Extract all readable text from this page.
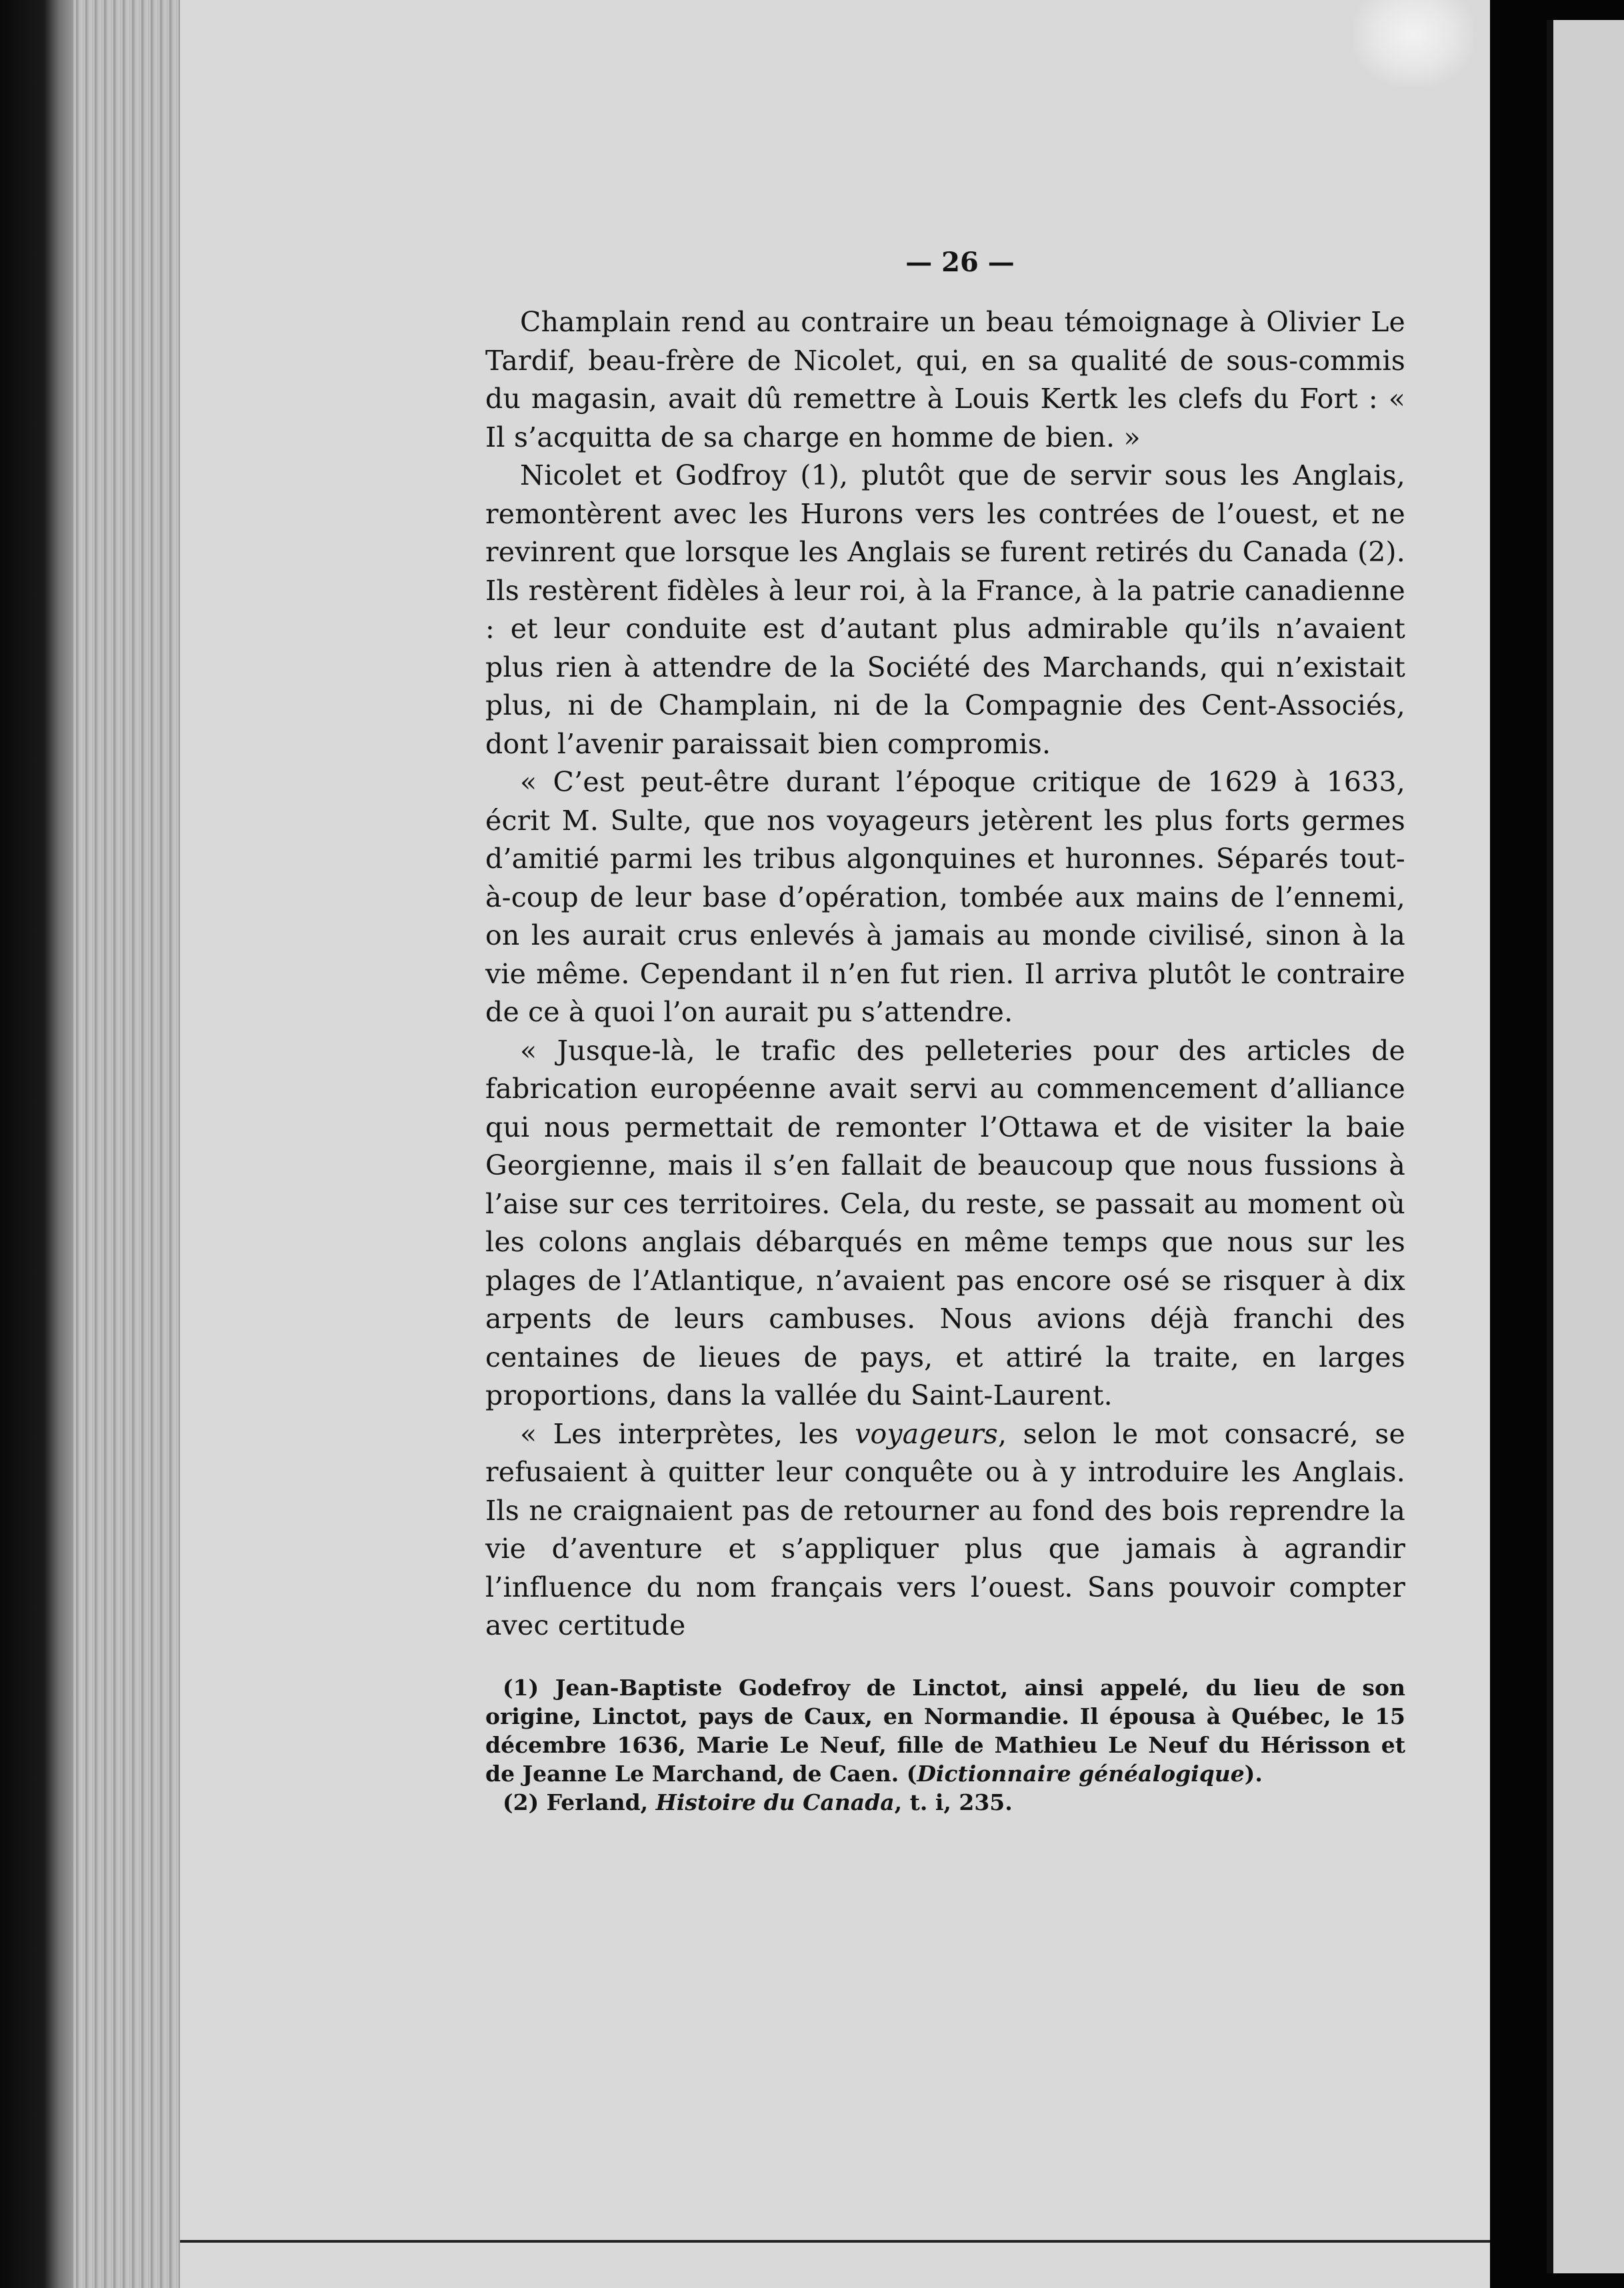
— 26 —

Champlain rend au contraire un beau témoignage à Olivier Le Tardif, beau-frère de Nicolet, qui, en sa qualité de sous-commis du magasin, avait dû remettre à Louis Kertk les clefs du Fort : « Il s’acquitta de sa charge en homme de bien. »

Nicolet et Godfroy (1), plutôt que de servir sous les Anglais, remontèrent avec les Hurons vers les contrées de l’ouest, et ne revinrent que lorsque les Anglais se furent retirés du Canada (2). Ils restèrent fidèles à leur roi, à la France, à la patrie canadienne : et leur conduite est d’autant plus admirable qu’ils n’avaient plus rien à attendre de la Société des Marchands, qui n’existait plus, ni de Champlain, ni de la Compagnie des Cent-Associés, dont l’avenir paraissait bien compromis.

« C’est peut-être durant l’époque critique de 1629 à 1633, écrit M. Sulte, que nos voyageurs jetèrent les plus forts germes d’amitié parmi les tribus algonquines et huronnes. Séparés tout-à-coup de leur base d’opération, tombée aux mains de l’ennemi, on les aurait crus enlevés à jamais au monde civilisé, sinon à la vie même. Cependant il n’en fut rien. Il arriva plutôt le contraire de ce à quoi l’on aurait pu s’attendre.

« Jusque-là, le trafic des pelleteries pour des articles de fabrication européenne avait servi au commencement d’alliance qui nous permettait de remonter l’Ottawa et de visiter la baie Georgienne, mais il s’en fallait de beaucoup que nous fussions à l’aise sur ces territoires. Cela, du reste, se passait au moment où les colons anglais débarqués en même temps que nous sur les plages de l’Atlantique, n’avaient pas encore osé se risquer à dix arpents de leurs cambuses. Nous avions déjà franchi des centaines de lieues de pays, et attiré la traite, en larges proportions, dans la vallée du Saint-Laurent.

« Les interprètes, les voyageurs, selon le mot consacré, se refusaient à quitter leur conquête ou à y introduire les Anglais. Ils ne craignaient pas de retourner au fond des bois reprendre la vie d’aventure et s’appliquer plus que jamais à agrandir l’influence du nom français vers l’ouest. Sans pouvoir compter avec certitude

(1) Jean-Baptiste Godefroy de Linctot, ainsi appelé, du lieu de son origine, Linctot, pays de Caux, en Normandie. Il épousa à Québec, le 15 décembre 1636, Marie Le Neuf, fille de Mathieu Le Neuf du Hérisson et de Jeanne Le Marchand, de Caen. (Dictionnaire généalogique).

(2) Ferland, Histoire du Canada, t. i, 235.
